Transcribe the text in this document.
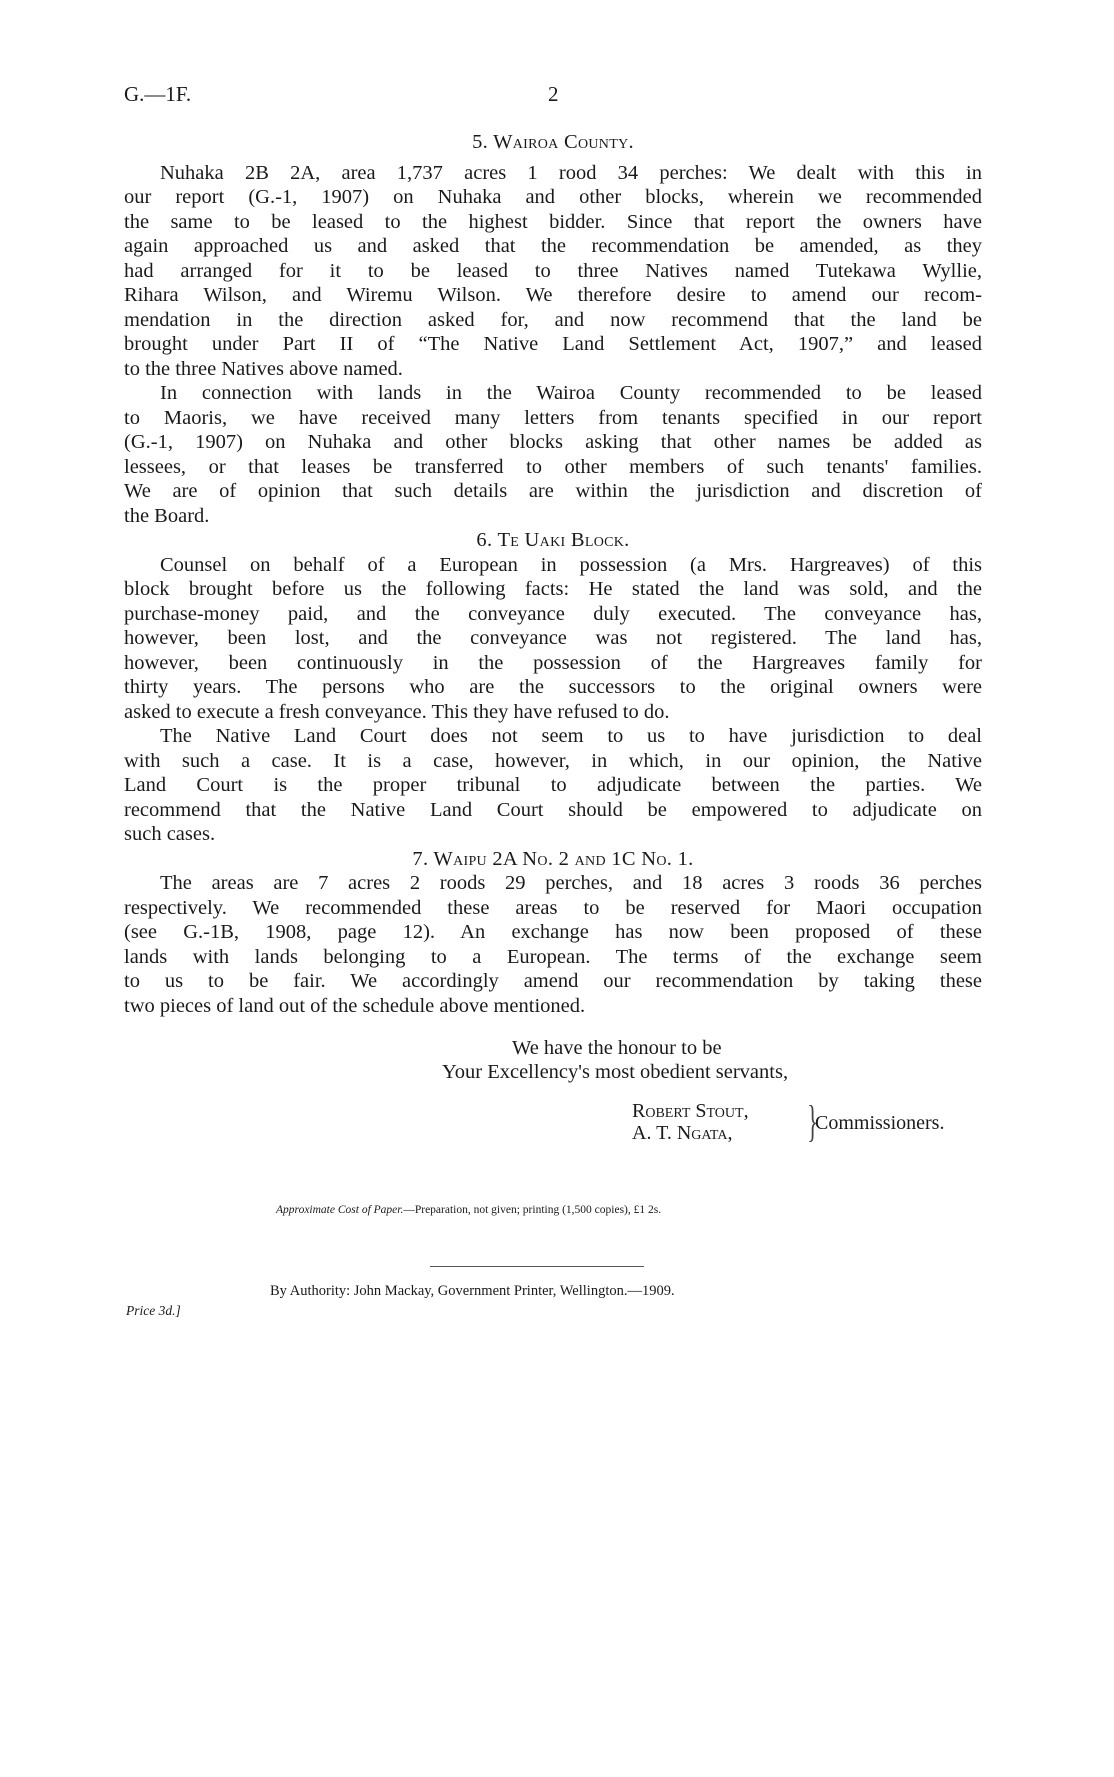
G.—1F.	2
5. Wairoa County.
Nuhaka 2B 2A, area 1,737 acres 1 rood 34 perches: We dealt with this in
our report (G.-1, 1907) on Nuhaka and other blocks, wherein we recommended
the same to be leased to the highest bidder. Since that report the owners have
again approached us and asked that the recommendation be amended, as they
had arranged for it to be leased to three Natives named Tutekawa Wyllie,
Rihara Wilson, and Wiremu Wilson. We therefore desire to amend our recom-
mendation in the direction asked for, and now recommend that the land be
brought under Part II of “The Native Land Settlement Act, 1907,” and leased
to the three Natives above named.
In connection with lands in the Wairoa County recommended to be leased
to Maoris, we have received many letters from tenants specified in our report
(G.-1, 1907) on Nuhaka and other blocks asking that other names be added as
lessees, or that leases be transferred to other members of such tenants' families.
We are of opinion that such details are within the jurisdiction and discretion of
the Board.
6. Te Uaki Block.
Counsel on behalf of a European in possession (a Mrs. Hargreaves) of this
block brought before us the following facts: He stated the land was sold, and the
purchase-money paid, and the conveyance duly executed. The conveyance has,
however, been lost, and the conveyance was not registered. The land has,
however, been continuously in the possession of the Hargreaves family for
thirty years. The persons who are the successors to the original owners were
asked to execute a fresh conveyance. This they have refused to do.
The Native Land Court does not seem to us to have jurisdiction to deal
with such a case. It is a case, however, in which, in our opinion, the Native
Land Court is the proper tribunal to adjudicate between the parties. We
recommend that the Native Land Court should be empowered to adjudicate on
such cases.
7. Waipu 2A No. 2 and 1C No. 1.
The areas are 7 acres 2 roods 29 perches, and 18 acres 3 roods 36 perches
respectively. We recommended these areas to be reserved for Maori occupation
(see G.-1B, 1908, page 12). An exchange has now been proposed of these
lands with lands belonging to a European. The terms of the exchange seem
to us to be fair. We accordingly amend our recommendation by taking these
two pieces of land out of the schedule above mentioned.
We have the honour to be
Your Excellency's most obedient servants,
Robert Stout,
A. T. Ngata, }
Commissioners.
Approximate Cost of Paper.—Preparation, not given; printing (1,500 copies), £1 2s.
By Authority: John Mackay, Government Printer, Wellington.—1909.
Price 3d.]
